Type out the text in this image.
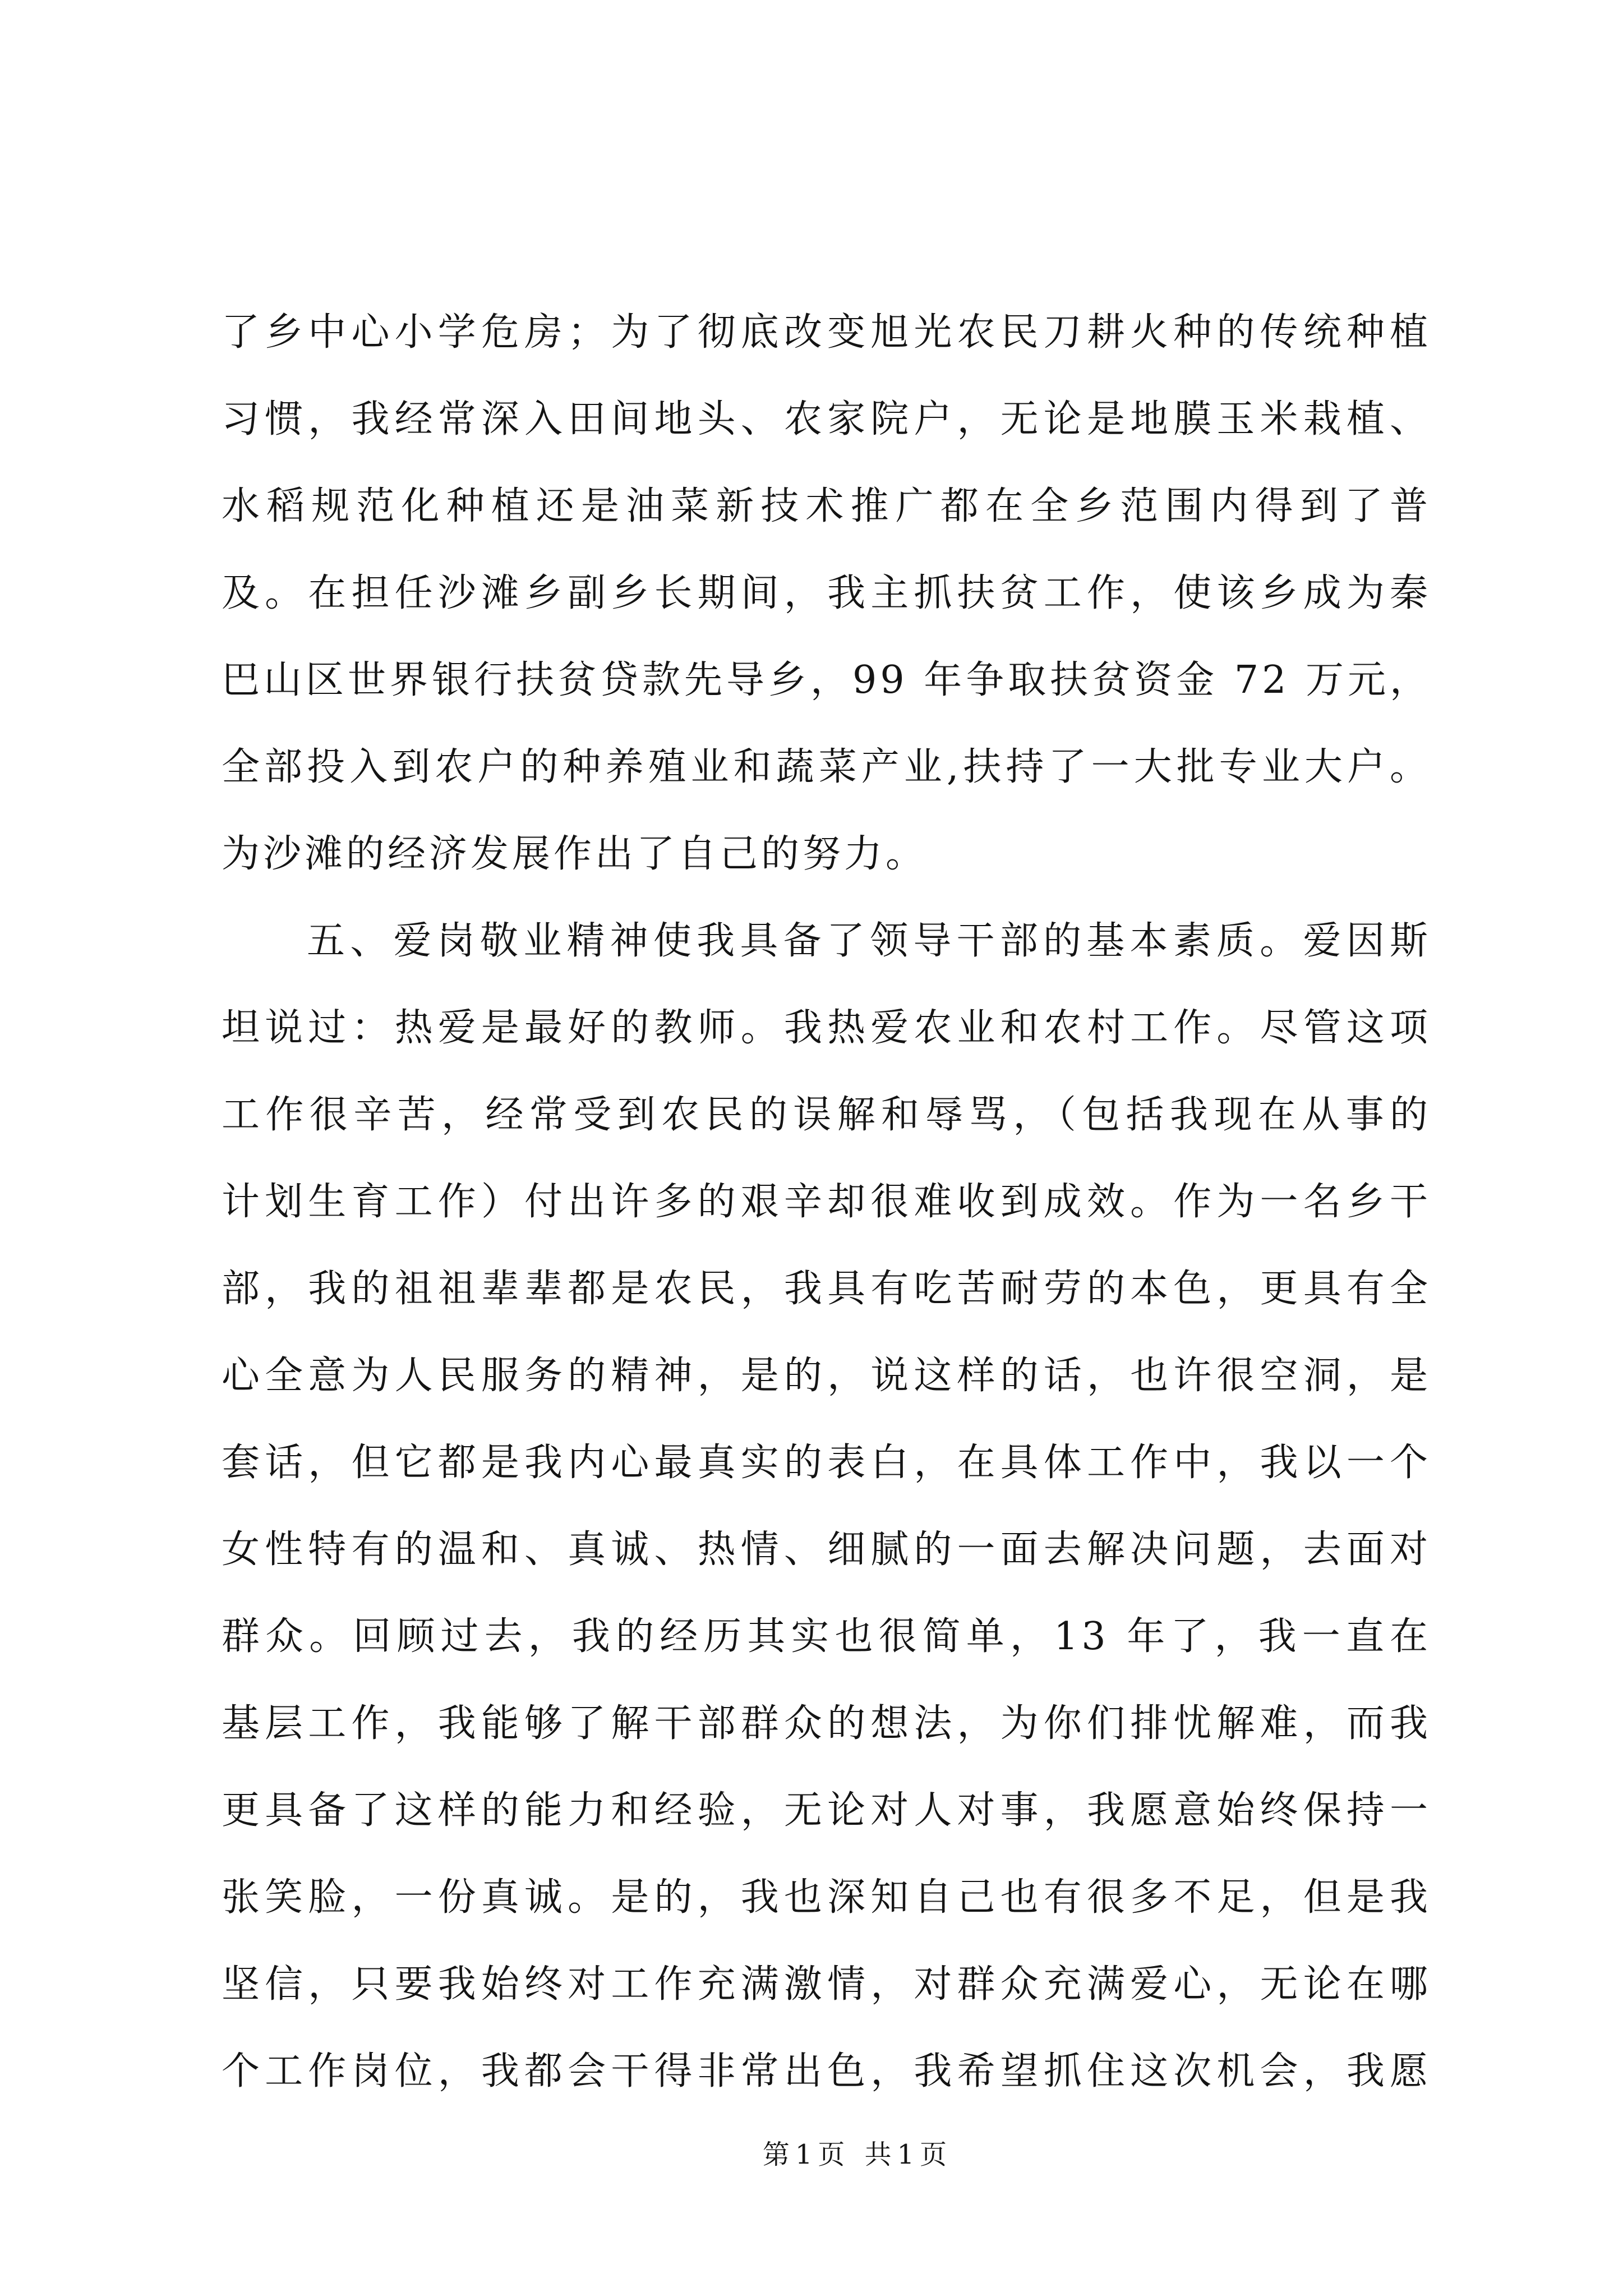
了乡中心小学危房；为了彻底改变旭光农民刀耕火种的传统种植
习惯，我经常深入田间地头、农家院户，无论是地膜玉米栽植、
水稻规范化种植还是油菜新技术推广都在全乡范围内得到了普
及。在担任沙滩乡副乡长期间，我主抓扶贫工作，使该乡成为秦
巴山区世界银行扶贫贷款先导乡，99 年争取扶贫资金 72 万元，
全部投入到农户的种养殖业和蔬菜产业,扶持了一大批专业大户。
为沙滩的经济发展作出了自己的努力。
五、爱岗敬业精神使我具备了领导干部的基本素质。爱因斯
坦说过：热爱是最好的教师。我热爱农业和农村工作。尽管这项
工作很辛苦，经常受到农民的误解和辱骂，（包括我现在从事的
计划生育工作）付出许多的艰辛却很难收到成效。作为一名乡干
部，我的祖祖辈辈都是农民，我具有吃苦耐劳的本色，更具有全
心全意为人民服务的精神，是的，说这样的话，也许很空洞，是
套话，但它都是我内心最真实的表白，在具体工作中，我以一个
女性特有的温和、真诚、热情、细腻的一面去解决问题，去面对
群众。回顾过去，我的经历其实也很简单，13 年了，我一直在
基层工作，我能够了解干部群众的想法，为你们排忧解难，而我
更具备了这样的能力和经验，无论对人对事，我愿意始终保持一
张笑脸，一份真诚。是的，我也深知自己也有很多不足，但是我
坚信，只要我始终对工作充满激情，对群众充满爱心，无论在哪
个工作岗位，我都会干得非常出色，我希望抓住这次机会，我愿
第1页 共1页
